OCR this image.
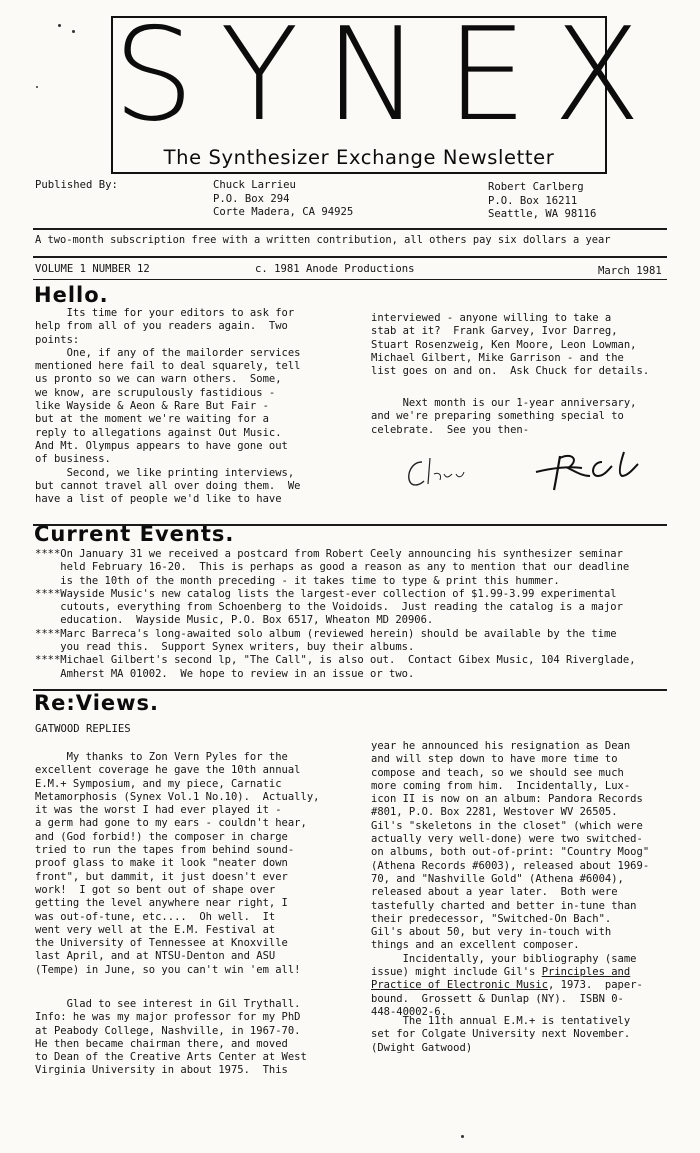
SYNEX
The Synthesizer Exchange Newsletter
Published By:	Chuck Larrieu
P.O. Box 294
Corte Madera, CA 94925
Robert Carlberg
P.O. Box 16211
Seattle, WA 98116
A two-month subscription free with a written contribution, all others pay six dollars a year
VOLUME 1 NUMBER 12	c. 1981 Anode Productions	March 1981
Hello.
Its time for your editors to ask for
help from all of you readers again.  Two
points:
One, if any of the mailorder services
mentioned here fail to deal squarely, tell
us pronto so we can warn others.  Some,
we know, are scrupulously fastidious -
like Wayside & Aeon & Rare But Fair -
but at the moment we're waiting for a
reply to allegations against Out Music.
And Mt. Olympus appears to have gone out
of business.
Second, we like printing interviews,
but cannot travel all over doing them.  We
have a list of people we'd like to have
interviewed - anyone willing to take a
stab at it?  Frank Garvey, Ivor Darreg,
Stuart Rosenzweig, Ken Moore, Leon Lowman,
Michael Gilbert, Mike Garrison - and the
list goes on and on.  Ask Chuck for details.
Next month is our 1-year anniversary,
and we're preparing something special to
celebrate.  See you then-
Current Events.
****On January 31 we received a postcard from Robert Ceely announcing his synthesizer seminar
held February 16-20.  This is perhaps as good a reason as any to mention that our deadline
is the 10th of the month preceding - it takes time to type & print this hummer.
****Wayside Music's new catalog lists the largest-ever collection of $1.99-3.99 experimental
cutouts, everything from Schoenberg to the Voidoids.  Just reading the catalog is a major
education.  Wayside Music, P.O. Box 6517, Wheaton MD 20906.
****Marc Barreca's long-awaited solo album (reviewed herein) should be available by the time
you read this.  Support Synex writers, buy their albums.
****Michael Gilbert's second lp, "The Call", is also out.  Contact Gibex Music, 104 Riverglade,
Amherst MA 01002.  We hope to review in an issue or two.
Re:Views.
GATWOOD REPLIES
My thanks to Zon Vern Pyles for the
excellent coverage he gave the 10th annual
E.M.+ Symposium, and my piece, Carnatic
Metamorphosis (Synex Vol.1 No.10).  Actually,
it was the worst I had ever played it -
a germ had gone to my ears - couldn't hear,
and (God forbid!) the composer in charge
tried to run the tapes from behind sound-
proof glass to make it look "neater down
front", but dammit, it just doesn't ever
work!  I got so bent out of shape over
getting the level anywhere near right, I
was out-of-tune, etc....  Oh well.  It
went very well at the E.M. Festival at
the University of Tennessee at Knoxville
last April, and at NTSU-Denton and ASU
(Tempe) in June, so you can't win 'em all!
Glad to see interest in Gil Trythall.
Info: he was my major professor for my PhD
at Peabody College, Nashville, in 1967-70.
He then became chairman there, and moved
to Dean of the Creative Arts Center at West
Virginia University in about 1975.  This
year he announced his resignation as Dean
and will step down to have more time to
compose and teach, so we should see much
more coming from him.  Incidentally, Lux-
icon II is now on an album: Pandora Records
#801, P.O. Box 2281, Westover WV 26505.
Gil's "skeletons in the closet" (which were
actually very well-done) were two switched-
on albums, both out-of-print: "Country Moog"
(Athena Records #6003), released about 1969-
70, and "Nashville Gold" (Athena #6004),
released about a year later.  Both were
tastefully charted and better in-tune than
their predecessor, "Switched-On Bach".
Gil's about 50, but very in-touch with
things and an excellent composer.
Incidentally, your bibliography (same
issue) might include Gil's Principles and
Practice of Electronic Music, 1973.  paper-
bound.  Grossett & Dunlap (NY).  ISBN 0-
448-40002-6.
The 11th annual E.M.+ is tentatively
set for Colgate University next November.
(Dwight Gatwood)
